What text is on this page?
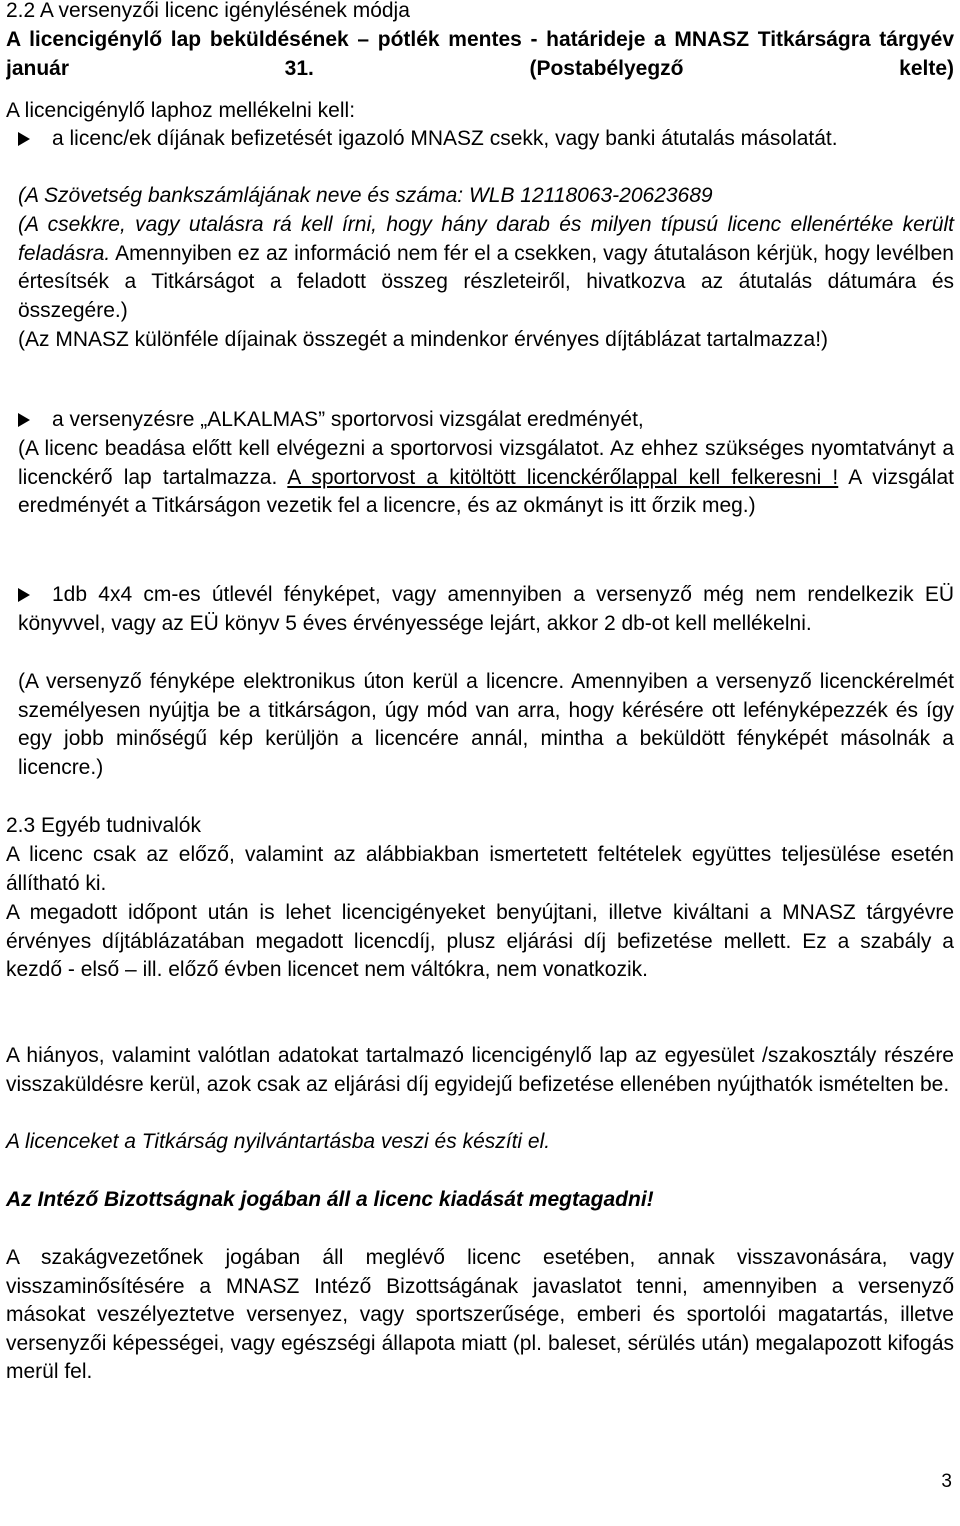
2.2 A versenyzői licenc igénylésének módja

A licencigénylő lap beküldésének – pótlék mentes - határideje a MNASZ Titkárságra tárgyév január 31. (Postabélyegző kelte)

A licencigénylő laphoz mellékelni kell:

a licenc/ek díjának befizetését igazoló MNASZ csekk, vagy banki átutalás másolatát.

(A Szövetség bankszámlájának neve és száma: WLB 12118063-20623689

(A csekkre, vagy utalásra rá kell írni, hogy hány darab és milyen típusú licenc ellenértéke került feladásra. Amennyiben ez az információ nem fér el a csekken, vagy átutaláson kérjük, hogy levélben értesítsék a Titkárságot a feladott összeg részleteiről, hivatkozva az átutalás dátumára és összegére.)

(Az MNASZ különféle díjainak összegét a mindenkor érvényes díjtáblázat tartalmazza!)

a versenyzésre „ALKALMAS” sportorvosi vizsgálat eredményét,

(A licenc beadása előtt kell elvégezni a sportorvosi vizsgálatot. Az ehhez szükséges nyomtatványt a licenckérő lap tartalmazza. A sportorvost a kitöltött licenckérőlappal kell felkeresni ! A vizsgálat eredményét a Titkárságon vezetik fel a licencre, és az okmányt is itt őrzik meg.)

1db 4x4 cm-es útlevél fényképet, vagy amennyiben a versenyző még nem rendelkezik EÜ könyvvel, vagy az EÜ könyv 5 éves érvényessége lejárt, akkor 2 db-ot kell mellékelni.

(A versenyző fényképe elektronikus úton kerül a licencre. Amennyiben a versenyző licenckérelmét személyesen nyújtja be a titkárságon, úgy mód van arra, hogy kérésére ott lefényképezzék és így egy jobb minőségű kép kerüljön a licencére annál, mintha a beküldött fényképét másolnák a licencre.)

2.3 Egyéb tudnivalók

A licenc csak az előző, valamint az alábbiakban ismertetett feltételek együttes teljesülése esetén állítható ki.

A megadott időpont után is lehet licencigényeket benyújtani, illetve kiváltani a MNASZ tárgyévre érvényes díjtáblázatában megadott licencdíj, plusz eljárási díj befizetése mellett. Ez a szabály a kezdő - első – ill. előző évben licencet nem váltókra, nem vonatkozik.

A hiányos, valamint valótlan adatokat tartalmazó licencigénylő lap az egyesület /szakosztály részére visszaküldésre kerül, azok csak az eljárási díj egyidejű befizetése ellenében nyújthatók ismételten be.

A licenceket a Titkárság nyilvántartásba veszi és készíti el.

Az Intéző Bizottságnak jogában áll a licenc kiadását megtagadni!

A szakágvezetőnek jogában áll meglévő licenc esetében, annak visszavonására, vagy visszaminősítésére a MNASZ Intéző Bizottságának javaslatot tenni, amennyiben a versenyző másokat veszélyeztetve versenyez, vagy sportszerűsége, emberi és sportolói magatartás, illetve versenyzői képességei, vagy egészségi állapota miatt (pl. baleset, sérülés után) megalapozott kifogás merül fel.

3
